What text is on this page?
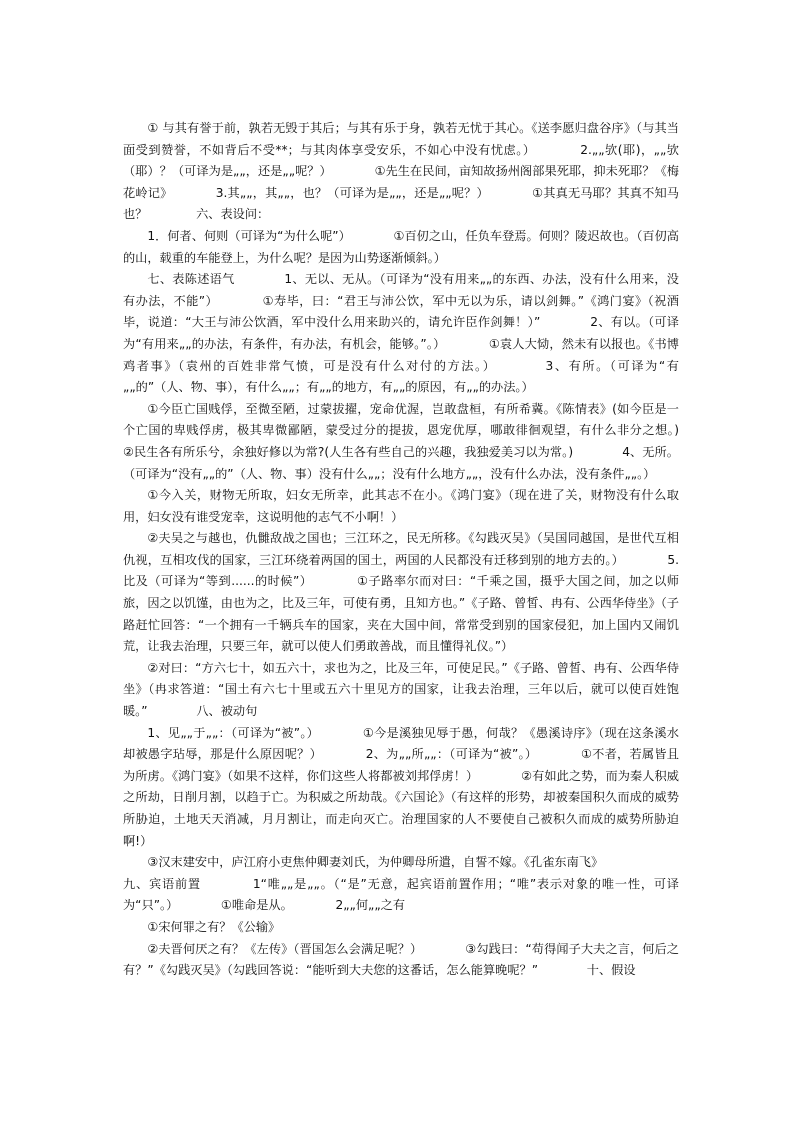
① 与其有誉于前，孰若无毁于其后；与其有乐于身，孰若无忧于其心。《送李愿归盘谷序》（与其当面受到赞誉，不如背后不受**；与其肉体享受安乐，不如心中没有忧虑。）　　　　2.„„欤(耶)，„„欤（耶）？（可译为是„„，还是„„呢？）　　　　①先生在民间，亩知故扬州阁部果死耶，抑未死耶？《梅花岭记》　　　　3.其„„，其„„，也？（可译为是„„，还是„„呢？）　　　　①其真无马耶？其真不知马也？　　　　六、表设问：

1．何者、何则（可译为“为什么呢”）　　　　①百仞之山，任负车登焉。何则？陵迟故也。（百仞高的山，载重的车能登上，为什么呢？是因为山势逐渐倾斜。）

七、表陈述语气　　　　1、无以、无从。（可译为“没有用来„„的东西、办法，没有什么用来，没有办法，不能”）　　　　①寿毕，曰：“君王与沛公饮，军中无以为乐，请以剑舞。”《鸿门宴》（祝酒毕，说道：“大王与沛公饮酒，军中没什么用来助兴的，请允许臣作剑舞！）”　　　　2、有以。（可译为“有用来„„的办法，有条件，有办法，有机会，能够。”。）　　　　①袁人大恸，然未有以报也。《书博鸡者事》（袁州的百姓非常气愤，可是没有什么对付的方法。）　　　　3、有所。（可译为“有„„的”（人、物、事），有什么„„；有„„的地方，有„„的原因，有„„的办法。）

①今臣亡国贱俘，至微至陋，过蒙拔擢，宠命优渥，岂敢盘桓，有所希冀。《陈情表》(如今臣是一个亡国的卑贱俘虏，极其卑微鄙陋，蒙受过分的提拔，恩宠优厚，哪敢徘徊观望，有什么非分之想。)　　　　②民生各有所乐兮，余独好修以为常?(人生各有些自己的兴趣，我独爱美习以为常。)　　　　4、无所。（可译为“没有„„的”（人、物、事）没有什么„„；没有什么地方„„，没有什么办法，没有条件„„。）

①今入关，财物无所取，妇女无所幸，此其志不在小。《鸿门宴》（现在进了关，财物没有什么取用，妇女没有谁受宠幸，这说明他的志气不小啊！）

②夫吴之与越也，仇雠敌战之国也；三江环之，民无所移。《勾践灭吴》（吴国同越国，是世代互相仇视，互相攻伐的国家，三江环绕着两国的国土，两国的人民都没有迁移到别的地方去的。）　　　　5.比及（可译为“等到......的时候”）　　　　①子路率尔而对曰：“千乘之国，摄乎大国之间，加之以师旅，因之以饥馑，由也为之，比及三年，可使有勇，且知方也。”《子路、曾皙、冉有、公西华侍坐》（子路赶忙回答：“一个拥有一千辆兵车的国家，夹在大国中间，常常受到别的国家侵犯，加上国内又闹饥荒，让我去治理，只要三年，就可以使人们勇敢善战，而且懂得礼仪。”）

②对曰：“方六七十，如五六十，求也为之，比及三年，可使足民。”《子路、曾皙、冉有、公西华侍坐》（冉求答道：“国土有六七十里或五六十里见方的国家，让我去治理，三年以后，就可以使百姓饱暖。”　　　　八、被动句

1、见„„于„„：（可译为“被”。）　　　　①今是溪独见辱于愚，何哉？《愚溪诗序》（现在这条溪水却被愚字玷辱，那是什么原因呢？）　　　　2、为„„所„„：（可译为“被”。）　　　　①不者，若属皆且为所虏。《鸿门宴》（如果不这样，你们这些人将都被刘邦俘虏！）　　　　②有如此之势，而为秦人积威之所劫，日削月割，以趋于亡。为积威之所劫哉。《六国论》（有这样的形势，却被秦国积久而成的威势所胁迫，土地天天消减，月月割让，而走向灭亡。治理国家的人不要使自己被积久而成的威势所胁迫啊!）

③汉末建安中，庐江府小吏焦仲卿妻刘氏，为仲卿母所遣，自誓不嫁。《孔雀东南飞》

九、宾语前置　　　　1“唯„„是„„。（“是”无意，起宾语前置作用；“唯”表示对象的唯一性，可译为“只”。）　　　　①唯命是从。　　　　2„„何„„之有

①宋何罪之有？《公输》

②夫晋何厌之有？《左传》（晋国怎么会满足呢？）　　　　③勾践曰：“苟得闻子大夫之言，何后之有？”《勾践灭吴》（勾践回答说：“能听到大夫您的这番话，怎么能算晚呢？”　　　　十、假设
